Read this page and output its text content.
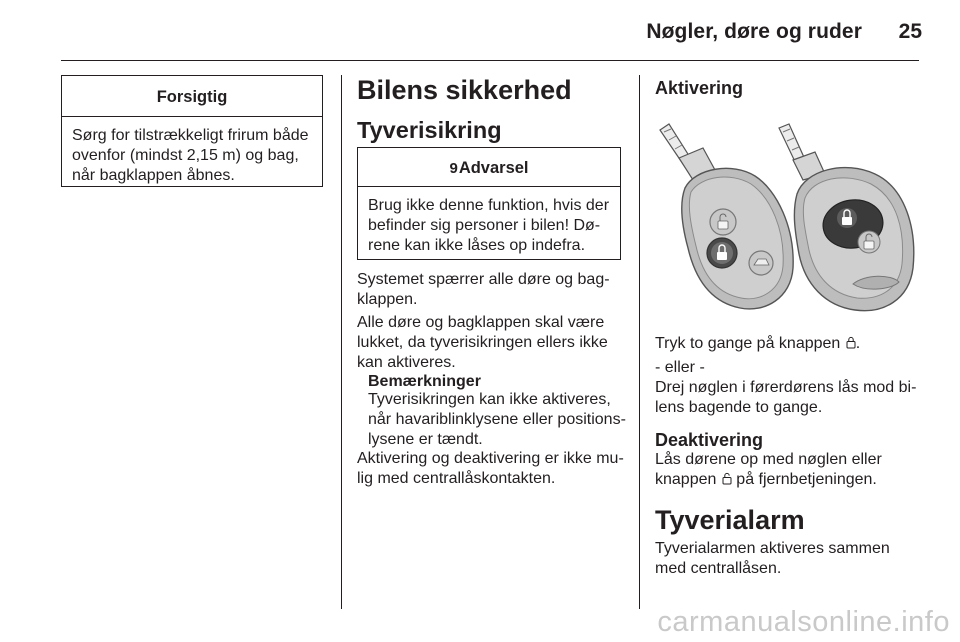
Nøgler, døre og ruder 25
Forsigtig
Sørg for tilstrækkeligt frirum både ovenfor (mindst 2,15 m) og bag, når bagklappen åbnes.
Bilens sikkerhed
Tyverisikring
9Advarsel
Brug ikke denne funktion, hvis der befinder sig personer i bilen! Dø-rene kan ikke låses op indefra.

Systemet spærrer alle døre og bag-klappen.

Alle døre og bagklappen skal være lukket, da tyverisikringen ellers ikke kan aktiveres.

Bemærkninger

Tyverisikringen kan ikke aktiveres, når havariblinklysene eller positions-lysene er tændt.

Aktivering og deaktivering er ikke mu-lig med centrallåskontakten.

Aktivering

Tryk to gange på knappen .

- eller -

Drej nøglen i førerdørens lås mod bi-lens bagende to gange.

Deaktivering

Lås dørene op med nøglen eller knappen på fjernbetjeningen.

Tyverialarm

Tyverialarmen aktiveres sammen med centrallåsen.

carmanualsonline.info
